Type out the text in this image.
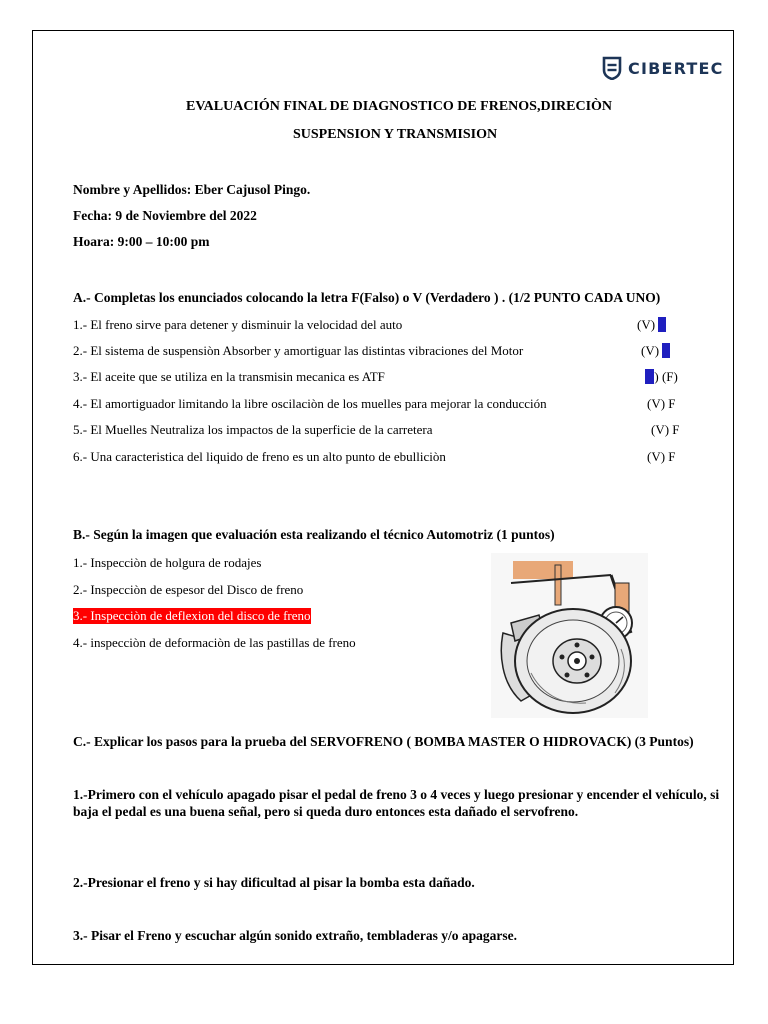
CIBERTEC
EVALUACIÓN FINAL DE DIAGNOSTICO DE FRENOS,DIRECIÒN
SUSPENSION Y TRANSMISION
Nombre y Apellidos: Eber Cajusol Pingo.
Fecha: 9 de Noviembre del 2022
Hoara: 9:00 – 10:00 pm
A.- Completas los enunciados colocando la letra F(Falso) o V (Verdadero ) . (1/2 PUNTO CADA UNO)
1.- El freno sirve para detener y disminuir la velocidad del auto	(V) F
2.- El sistema de suspensiòn Absorber y amortiguar las distintas vibraciones del Motor	(V) F
3.- El aceite que se utiliza en la transmisin mecanica es ATF	V) (F)
4.- El amortiguador limitando la libre oscilaciòn de los muelles para mejorar la conducción	(V) F
5.- El Muelles Neutraliza los impactos de la superficie de la carretera	(V) F
6.- Una caracteristica del liquido de freno es un alto punto de ebulliciòn	(V) F
B.- Según la imagen que evaluación esta realizando el técnico Automotriz (1 puntos)
1.- Inspecciòn de holgura de rodajes
2.- Inspecciòn de espesor del Disco de freno
3.- Inspecciòn de deflexion del disco de freno
4.- inspecciòn de deformaciòn de las pastillas de freno
C.- Explicar los pasos para la prueba del SERVOFRENO ( BOMBA MASTER O HIDROVACK) (3 Puntos)
1.-Primero con el vehículo apagado pisar el pedal de freno 3 o 4 veces y luego presionar y encender el vehículo, si baja el pedal es una buena señal, pero si queda duro entonces esta dañado el servofreno.
2.-Presionar el freno y si hay dificultad al pisar la bomba esta dañado.
3.- Pisar el Freno y escuchar algún sonido extraño, tembladeras y/o apagarse.
